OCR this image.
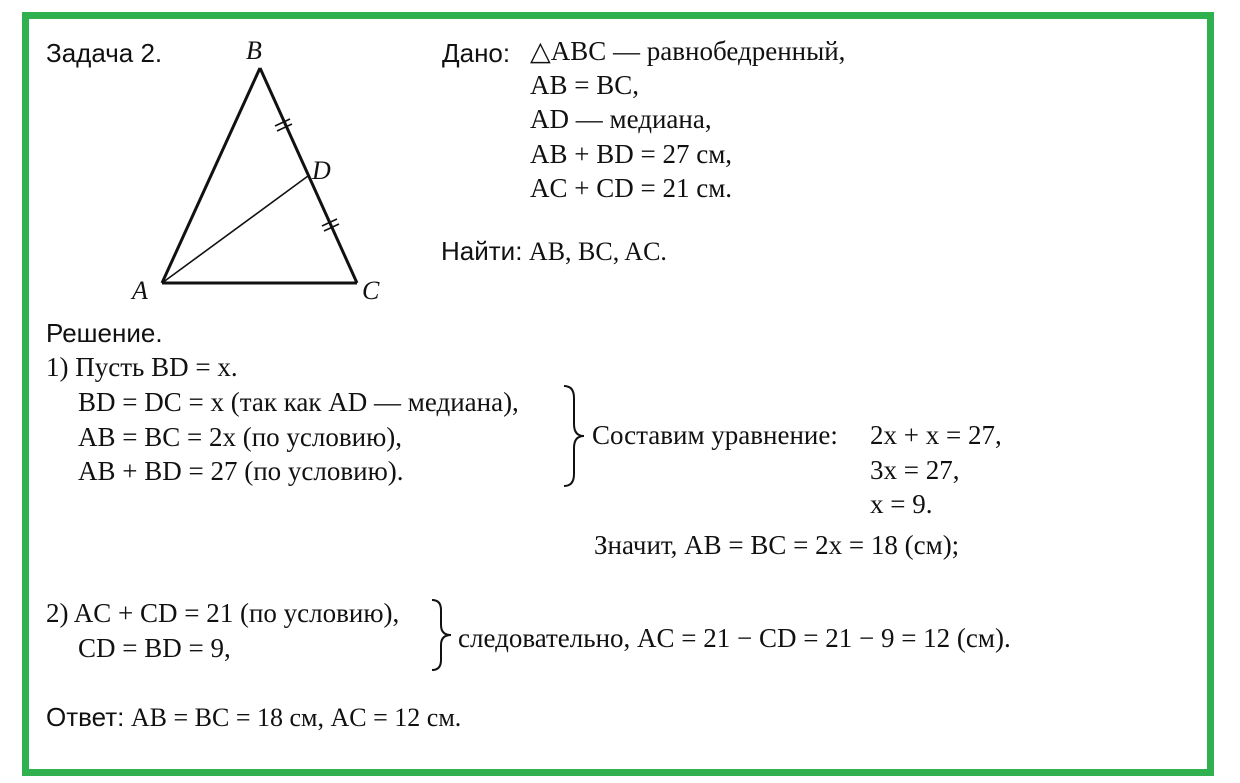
Задача 2.	B
D
A	C
Дано: △ABC — равнобедренный,
AB = BC,
AD — медиана,
AB + BD = 27 см,
AC + CD = 21 см.
Найти: AB, BC, AC.
Решение.
1) Пусть BD = x.
BD = DC = x (так как AD — медиана),
AB = BC = 2x (по условию),
AB + BD = 27 (по условию).
Составим уравнение: 2x + x = 27,
3x = 27,
x = 9.
Значит, AB = BC = 2x = 18 (см);
2) AC + CD = 21 (по условию),
CD = BD = 9,	следовательно, AC = 21 − CD = 21 − 9 = 12 (см).
Ответ: AB = BC = 18 см, AC = 12 см.
